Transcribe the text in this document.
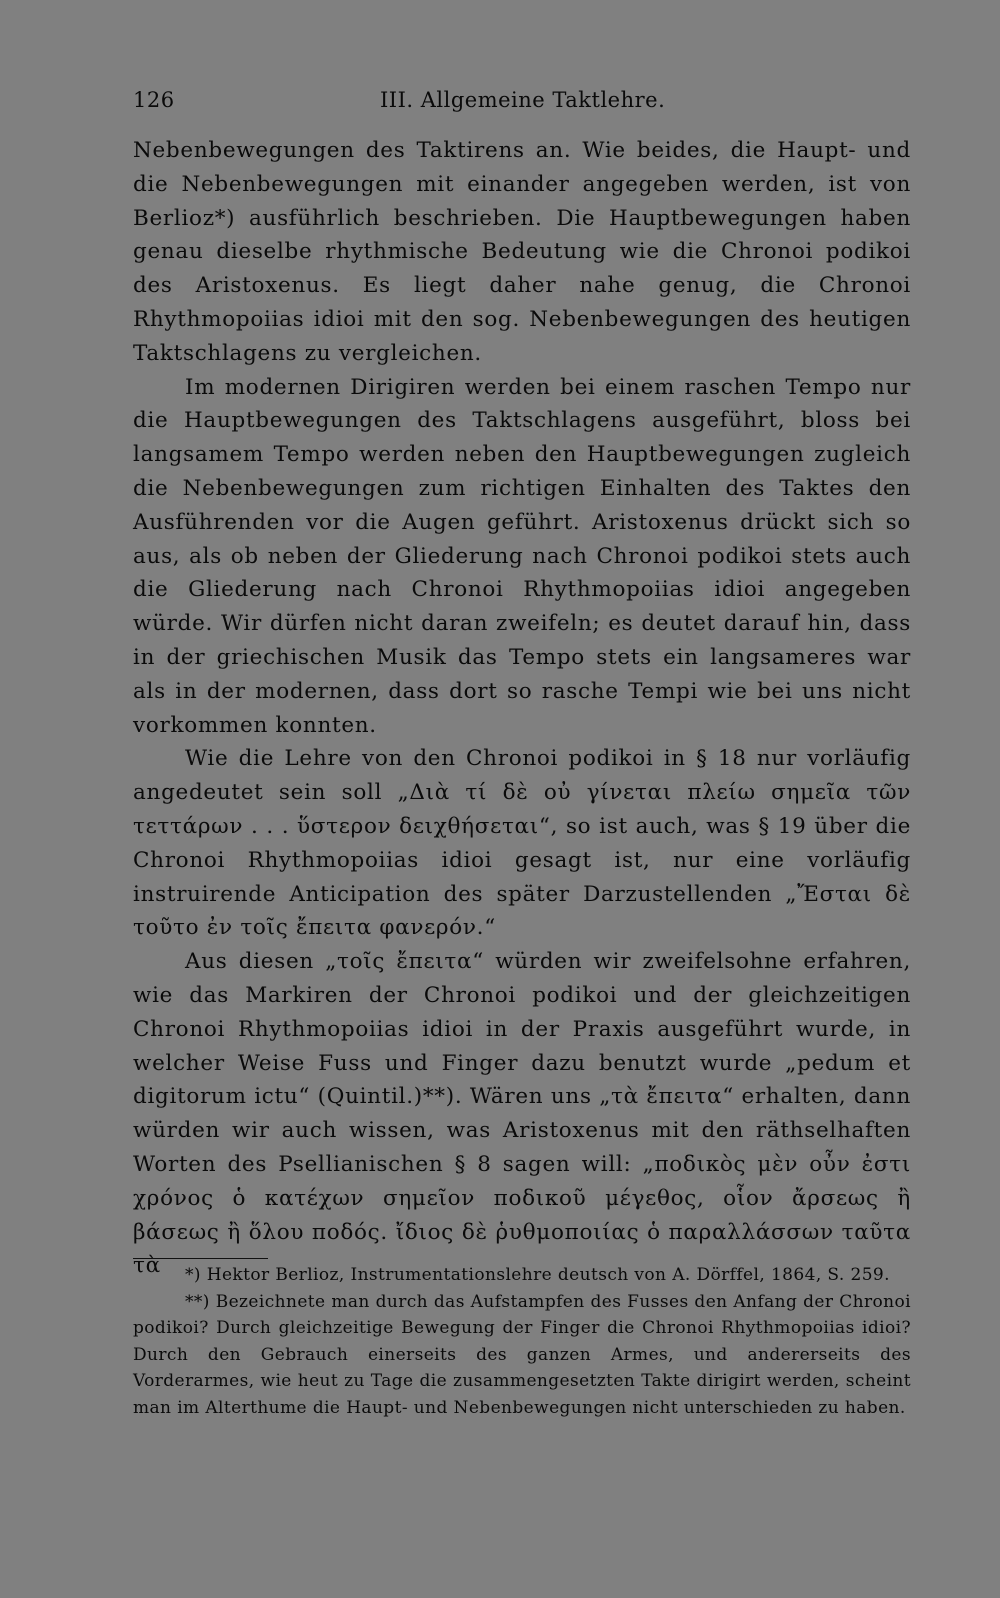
126	III. Allgemeine Taktlehre.

Nebenbewegungen des Taktirens an. Wie beides, die Haupt- und die Nebenbewegungen mit einander angegeben werden, ist von Berlioz*) ausführlich beschrieben. Die Hauptbewegungen haben genau dieselbe rhythmische Bedeutung wie die Chronoi podikoi des Aristoxenus. Es liegt daher nahe genug, die Chronoi Rhythmopoiias idioi mit den sog. Nebenbewegungen des heutigen Taktschlagens zu vergleichen.

Im modernen Dirigiren werden bei einem raschen Tempo nur die Hauptbewegungen des Taktschlagens ausgeführt, bloss bei langsamem Tempo werden neben den Hauptbewegungen zugleich die Nebenbewegungen zum richtigen Einhalten des Taktes den Ausführenden vor die Augen geführt. Aristoxenus drückt sich so aus, als ob neben der Gliederung nach Chronoi podikoi stets auch die Gliederung nach Chronoi Rhythmopoiias idioi angegeben würde. Wir dürfen nicht daran zweifeln; es deutet darauf hin, dass in der griechischen Musik das Tempo stets ein langsameres war als in der modernen, dass dort so rasche Tempi wie bei uns nicht vorkommen konnten.

Wie die Lehre von den Chronoi podikoi in § 18 nur vorläufig angedeutet sein soll „Διὰ τί δὲ οὐ γίνεται πλείω σημεῖα τῶν τεττάρων . . . ὕστερον δειχθήσεται“, so ist auch, was § 19 über die Chronoi Rhythmopoiias idioi gesagt ist, nur eine vorläufig instruirende Anticipation des später Darzustellenden „Ἔσται δὲ τοῦτο ἐν τοῖς ἔπειτα φανερόν.“

Aus diesen „τοῖς ἔπειτα“ würden wir zweifelsohne erfahren, wie das Markiren der Chronoi podikoi und der gleichzeitigen Chronoi Rhythmopoiias idioi in der Praxis ausgeführt wurde, in welcher Weise Fuss und Finger dazu benutzt wurde „pedum et digitorum ictu“ (Quintil.)**). Wären uns „τὰ ἔπειτα“ erhalten, dann würden wir auch wissen, was Aristoxenus mit den räthselhaften Worten des Psellianischen § 8 sagen will: „ποδικὸς μὲν οὖν ἐστι χρόνος ὁ κατέχων σημεῖον ποδικοῦ μέγεθος, οἷον ἄρσεως ἢ βάσεως ἢ ὅλου ποδός. ἴδιος δὲ ῥυθμοποιίας ὁ παραλλάσσων ταῦτα τὰ	*) Hektor Berlioz, Instrumentationslehre deutsch von A. Dörffel, 1864, S. 259.

**) Bezeichnete man durch das Aufstampfen des Fusses den Anfang der Chronoi podikoi? Durch gleichzeitige Bewegung der Finger die Chronoi Rhythmopoiias idioi? Durch den Gebrauch einerseits des ganzen Armes, und andererseits des Vorderarmes, wie heut zu Tage die zusammengesetzten Takte dirigirt werden, scheint man im Alterthume die Haupt- und Nebenbewegungen nicht unterschieden zu haben.
